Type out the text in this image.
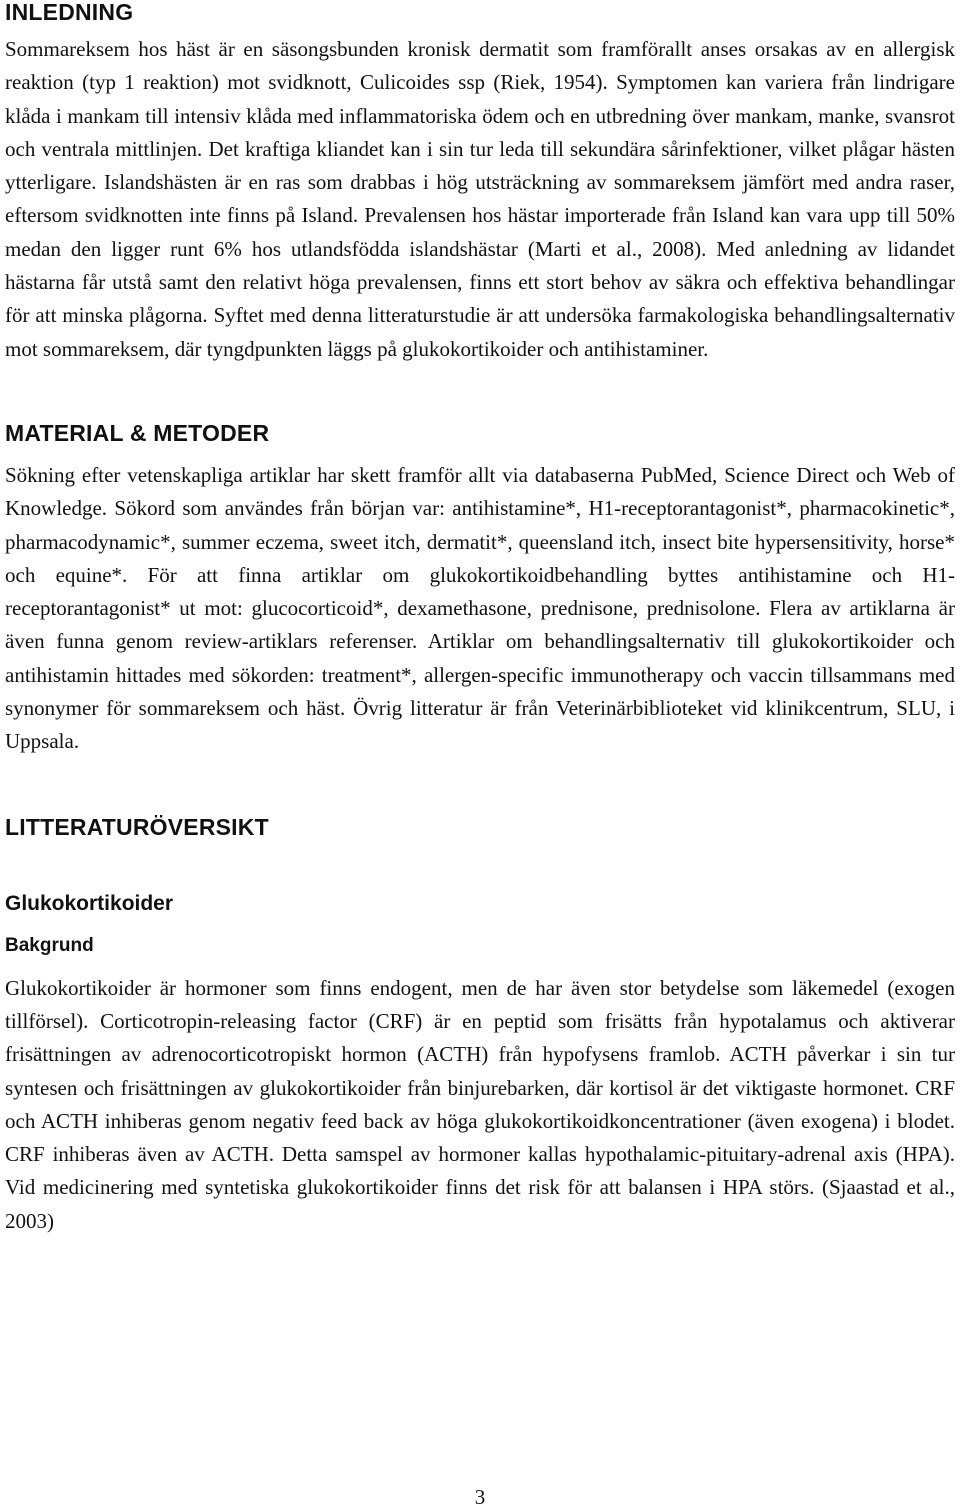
INLEDNING

Sommareksem hos häst är en säsongsbunden kronisk dermatit som framförallt anses orsakas av en allergisk reaktion (typ 1 reaktion) mot svidknott, Culicoides ssp (Riek, 1954). Symptomen kan variera från lindrigare klåda i mankam till intensiv klåda med inflammatoriska ödem och en utbredning över mankam, manke, svansrot och ventrala mittlinjen. Det kraftiga kliandet kan i sin tur leda till sekundära sårinfektioner, vilket plågar hästen ytterligare. Islandshästen är en ras som drabbas i hög utsträckning av sommareksem jämfört med andra raser, eftersom svidknotten inte finns på Island. Prevalensen hos hästar importerade från Island kan vara upp till 50% medan den ligger runt 6% hos utlandsfödda islandshästar (Marti et al., 2008). Med anledning av lidandet hästarna får utstå samt den relativt höga prevalensen, finns ett stort behov av säkra och effektiva behandlingar för att minska plågorna. Syftet med denna litteraturstudie är att undersöka farmakologiska behandlingsalternativ mot sommareksem, där tyngdpunkten läggs på glukokortikoider och antihistaminer.

MATERIAL & METODER

Sökning efter vetenskapliga artiklar har skett framför allt via databaserna PubMed, Science Direct och Web of Knowledge. Sökord som användes från början var: antihistamine*, H1-receptorantagonist*, pharmacokinetic*, pharmacodynamic*, summer eczema, sweet itch, dermatit*, queensland itch, insect bite hypersensitivity, horse* och equine*. För att finna artiklar om glukokortikoidbehandling byttes antihistamine och H1-receptorantagonist* ut mot: glucocorticoid*, dexamethasone, prednisone, prednisolone. Flera av artiklarna är även funna genom review-artiklars referenser. Artiklar om behandlingsalternativ till glukokortikoider och antihistamin hittades med sökorden: treatment*, allergen-specific immunotherapy och vaccin tillsammans med synonymer för sommareksem och häst. Övrig litteratur är från Veterinärbiblioteket vid klinikcentrum, SLU, i Uppsala.

LITTERATURÖVERSIKT
Glukokortikoider
Bakgrund

Glukokortikoider är hormoner som finns endogent, men de har även stor betydelse som läkemedel (exogen tillförsel). Corticotropin-releasing factor (CRF) är en peptid som frisätts från hypotalamus och aktiverar frisättningen av adrenocorticotropiskt hormon (ACTH) från hypofysens framlob. ACTH påverkar i sin tur syntesen och frisättningen av glukokortikoider från binjurebarken, där kortisol är det viktigaste hormonet. CRF och ACTH inhiberas genom negativ feed back av höga glukokortikoidkoncentrationer (även exogena) i blodet. CRF inhiberas även av ACTH. Detta samspel av hormoner kallas hypothalamic-pituitary-adrenal axis (HPA). Vid medicinering med syntetiska glukokortikoider finns det risk för att balansen i HPA störs. (Sjaastad et al., 2003)

3
